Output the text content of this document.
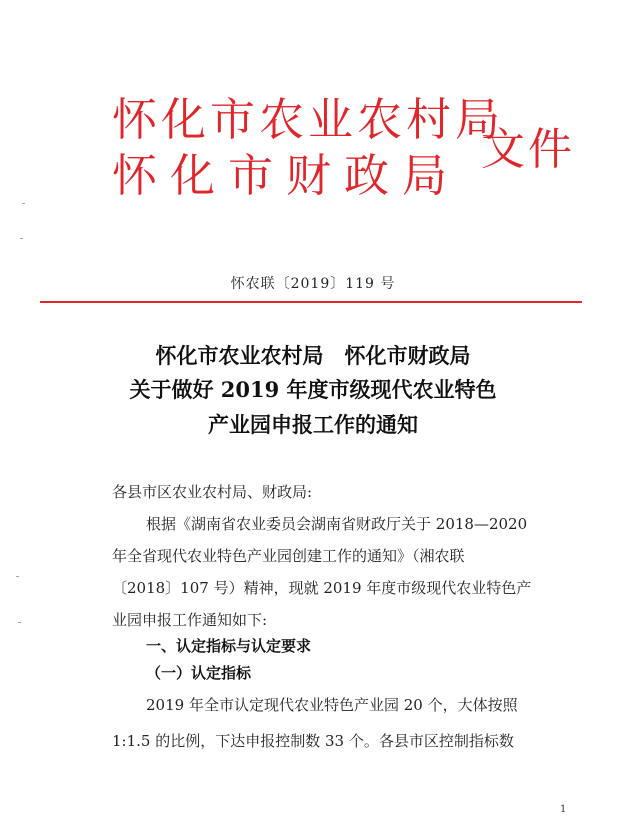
怀化市农业农村局
怀化市财政局 文件
怀农联〔2019〕119 号
怀化市农业农村局　怀化市财政局
关于做好 2019 年度市级现代农业特色
产业园申报工作的通知
各县市区农业农村局、财政局:
根据《湖南省农业委员会湖南省财政厅关于 2018—2020
年全省现代农业特色产业园创建工作的通知》（湘农联
〔2018〕107 号）精神，现就 2019 年度市级现代农业特色产
业园申报工作通知如下:
一、认定指标与认定要求
（一）认定指标
2019 年全市认定现代农业特色产业园 20 个，大体按照
1:1.5 的比例，下达申报控制数 33 个。各县市区控制指标数
1
